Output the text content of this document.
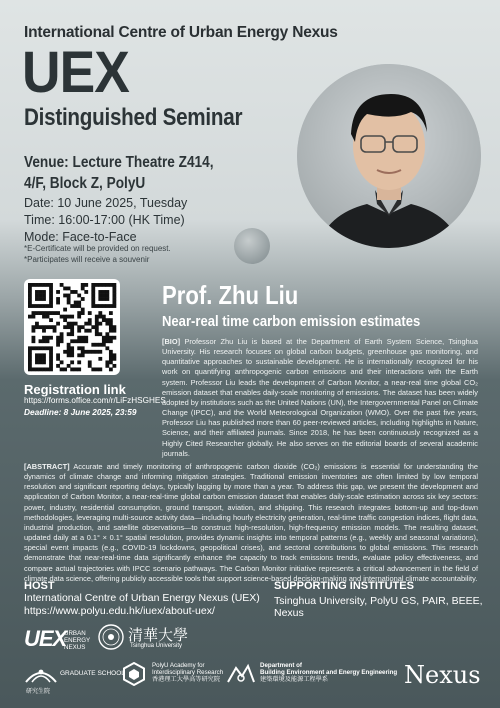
International Centre of Urban Energy Nexus
UEX
Distinguished Seminar
Venue: Lecture Theatre Z414,
4/F, Block Z, PolyU
Date: 10 June 2025, Tuesday
Time: 16:00-17:00 (HK Time)
Mode: Face-to-Face
*E-Certificate will be provided on request.
*Participates will receive a souvenir
Registration link
https://forms.office.com/r/LiFzHSGHES
Deadline: 8 June 2025, 23:59
Prof. Zhu Liu
Near-real time carbon emission estimates
[BIO] Professor Zhu Liu is based at the Department of Earth System Science, Tsinghua University. His research focuses on global carbon budgets, greenhouse gas monitoring, and quantitative approaches to sustainable development. He is internationally recognized for his work on quantifying anthropogenic carbon emissions and their interactions with the Earth system. Professor Liu leads the development of Carbon Monitor, a near-real time global CO₂ emission dataset that enables daily-scale monitoring of emissions. The dataset has been widely adopted by institutions such as the United Nations (UN), the Intergovernmental Panel on Climate Change (IPCC), and the World Meteorological Organization (WMO). Over the past five years, Professor Liu has published more than 60 peer-reviewed articles, including highlights in Nature, Science, and their affiliated journals. Since 2018, he has been continuously recognized as a Highly Cited Researcher globally. He also serves on the editorial boards of several academic journals.
[ABSTRACT] Accurate and timely monitoring of anthropogenic carbon dioxide (CO₂) emissions is essential for understanding the dynamics of climate change and informing mitigation strategies. Traditional emission inventories are often limited by low temporal resolution and significant reporting delays, typically lagging by more than a year. To address this gap, we present the development and application of Carbon Monitor, a near-real-time global carbon emission dataset that enables daily-scale estimation across six key sectors: power, industry, residential consumption, ground transport, aviation, and shipping. This research integrates bottom-up and top-down methodologies, leveraging multi-source activity data—including hourly electricity generation, real-time traffic congestion indices, flight data, industrial production, and satellite observations—to construct high-resolution, high-frequency emission models. The resulting dataset, updated daily at a 0.1° × 0.1° spatial resolution, provides dynamic insights into temporal patterns (e.g., weekly and seasonal variations), special event impacts (e.g., COVID-19 lockdowns, geopolitical crises), and sectoral contributions to global emissions. This research demonstrate that near-real-time data significantly enhance the capacity to track emissions trends, evaluate policy effectiveness, and compare actual trajectories with IPCC scenario pathways. The Carbon Monitor initiative represents a critical advancement in the field of climate data science, offering publicly accessible tools that support science-based decision-making and international climate accountability.
HOST
International Centre of Urban Energy Nexus (UEX)
https://www.polyu.edu.hk/iuex/about-uex/
SUPPORTING INSTITUTES
Tsinghua University, PolyU GS, PAIR, BEEE, Nexus
UEX
URBAN
ENERGY
NEXUS
清華大學
Tsinghua University
GRADUATE SCHOOL
研究生院
PolyU Academy for
Interdisciplinary Research
香港理工大學高等研究院
Department of
Building Environment and Energy Engineering
建築環境及能源工程學系	Nexus
